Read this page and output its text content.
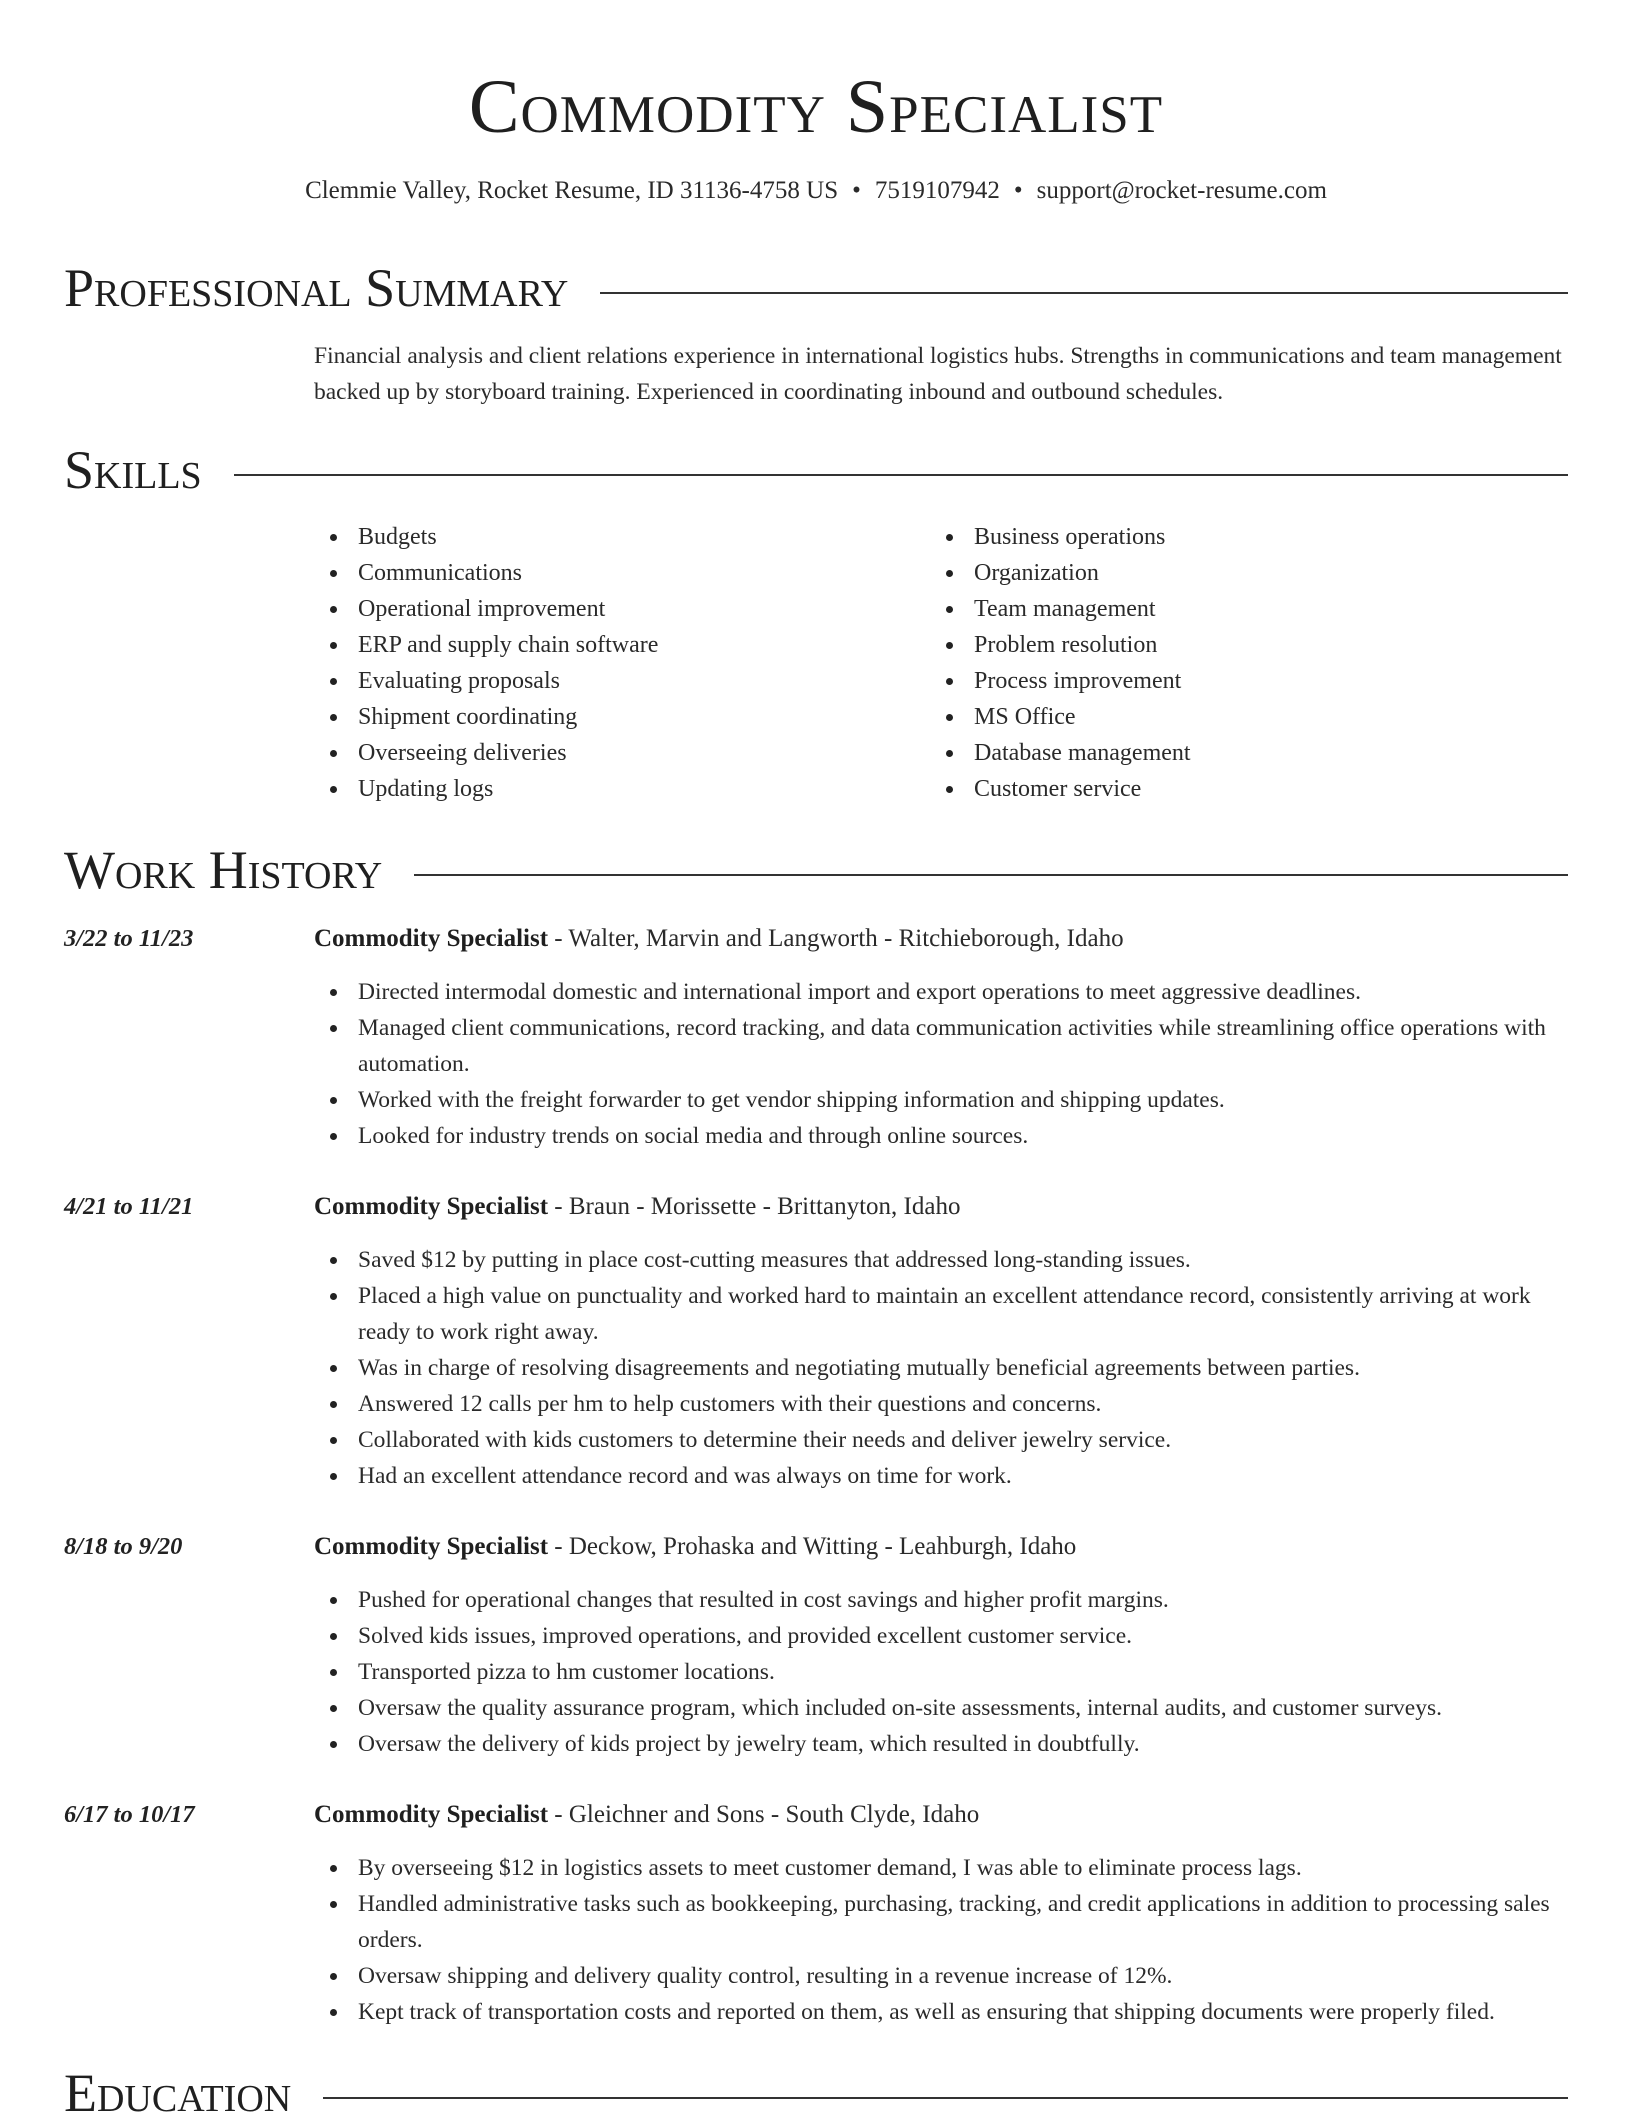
Commodity Specialist
Clemmie Valley, Rocket Resume, ID 31136-4758 US • 7519107942 • support@rocket-resume.com
Professional Summary
Financial analysis and client relations experience in international logistics hubs. Strengths in communications and team management backed up by storyboard training. Experienced in coordinating inbound and outbound schedules.
Skills
Budgets
Communications
Operational improvement
ERP and supply chain software
Evaluating proposals
Shipment coordinating
Overseeing deliveries
Updating logs
Business operations
Organization
Team management
Problem resolution
Process improvement
MS Office
Database management
Customer service
Work History
3/22 to 11/23	Commodity Specialist - Walter, Marvin and Langworth - Ritchieborough, Idaho
Directed intermodal domestic and international import and export operations to meet aggressive deadlines.
Managed client communications, record tracking, and data communication activities while streamlining office operations with automation.
Worked with the freight forwarder to get vendor shipping information and shipping updates.
Looked for industry trends on social media and through online sources.
4/21 to 11/21	Commodity Specialist - Braun - Morissette - Brittanyton, Idaho
Saved $12 by putting in place cost-cutting measures that addressed long-standing issues.
Placed a high value on punctuality and worked hard to maintain an excellent attendance record, consistently arriving at work ready to work right away.
Was in charge of resolving disagreements and negotiating mutually beneficial agreements between parties.
Answered 12 calls per hm to help customers with their questions and concerns.
Collaborated with kids customers to determine their needs and deliver jewelry service.
Had an excellent attendance record and was always on time for work.
8/18 to 9/20	Commodity Specialist - Deckow, Prohaska and Witting - Leahburgh, Idaho
Pushed for operational changes that resulted in cost savings and higher profit margins.
Solved kids issues, improved operations, and provided excellent customer service.
Transported pizza to hm customer locations.
Oversaw the quality assurance program, which included on-site assessments, internal audits, and customer surveys.
Oversaw the delivery of kids project by jewelry team, which resulted in doubtfully.
6/17 to 10/17	Commodity Specialist - Gleichner and Sons - South Clyde, Idaho
By overseeing $12 in logistics assets to meet customer demand, I was able to eliminate process lags.
Handled administrative tasks such as bookkeeping, purchasing, tracking, and credit applications in addition to processing sales orders.
Oversaw shipping and delivery quality control, resulting in a revenue increase of 12%.
Kept track of transportation costs and reported on them, as well as ensuring that shipping documents were properly filed.
Education
